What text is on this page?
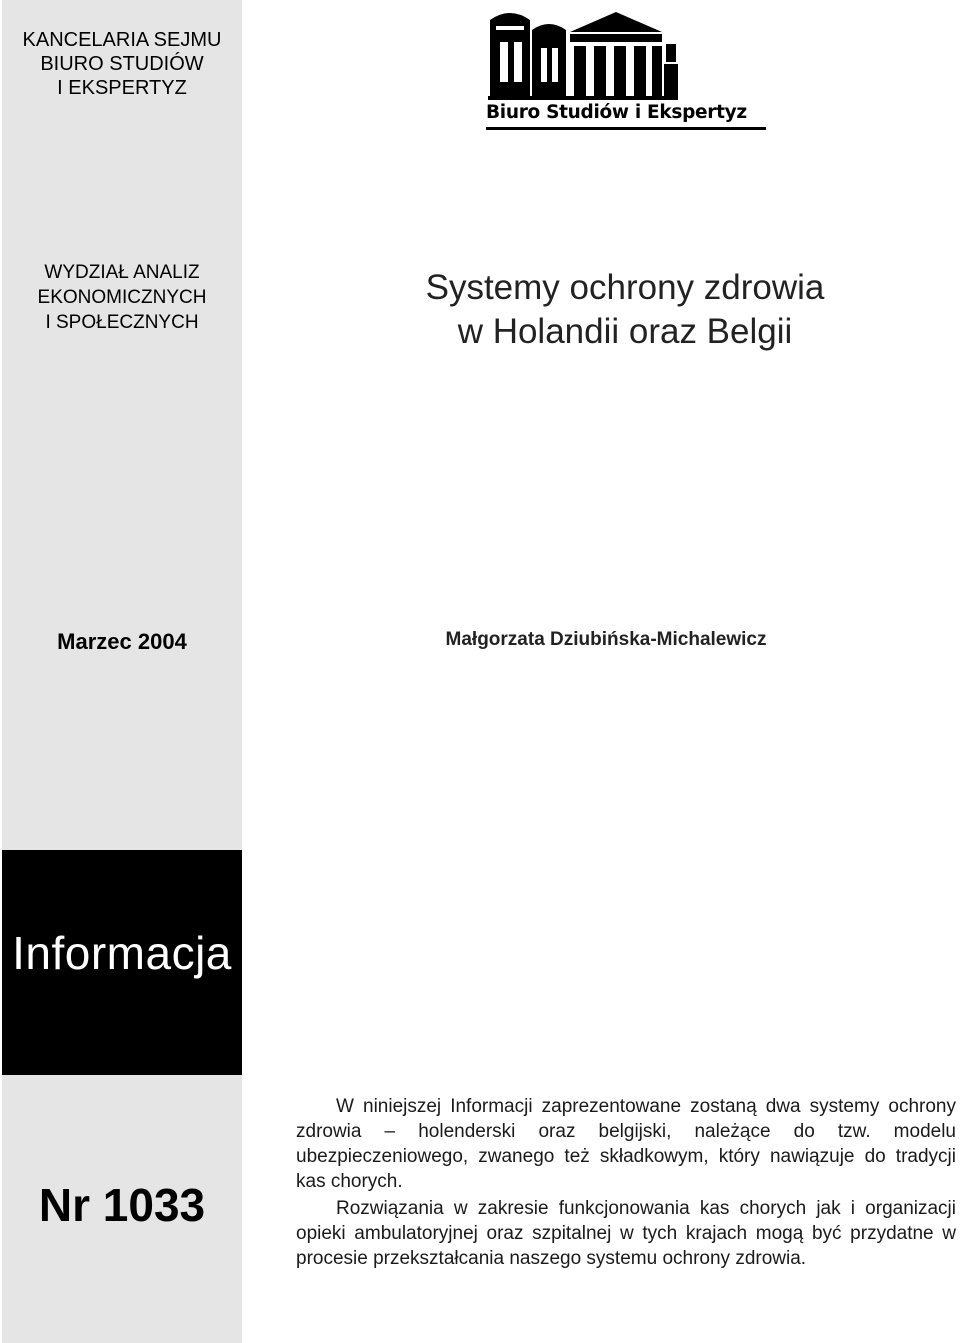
KANCELARIA SEJMU
BIURO STUDIÓW
I EKSPERTYZ
WYDZIAŁ ANALIZ
EKONOMICZNYCH
I SPOŁECZNYCH
Marzec 2004
Nr 1033
Informacja
Biuro Studiów i Ekspertyz
Systemy ochrony zdrowia
w Holandii oraz Belgii
Małgorzata Dziubińska-Michalewicz

W niniejszej Informacji zaprezentowane zostaną dwa systemy ochrony zdrowia – holenderski oraz belgijski, należące do tzw. modelu ubezpieczeniowego, zwanego też składkowym, który nawiązuje do tradycji kas chorych.

Rozwiązania w zakresie funkcjonowania kas chorych jak i organizacji opieki ambulatoryjnej oraz szpitalnej w tych krajach mogą być przydatne w procesie przekształcania naszego systemu ochrony zdrowia.
